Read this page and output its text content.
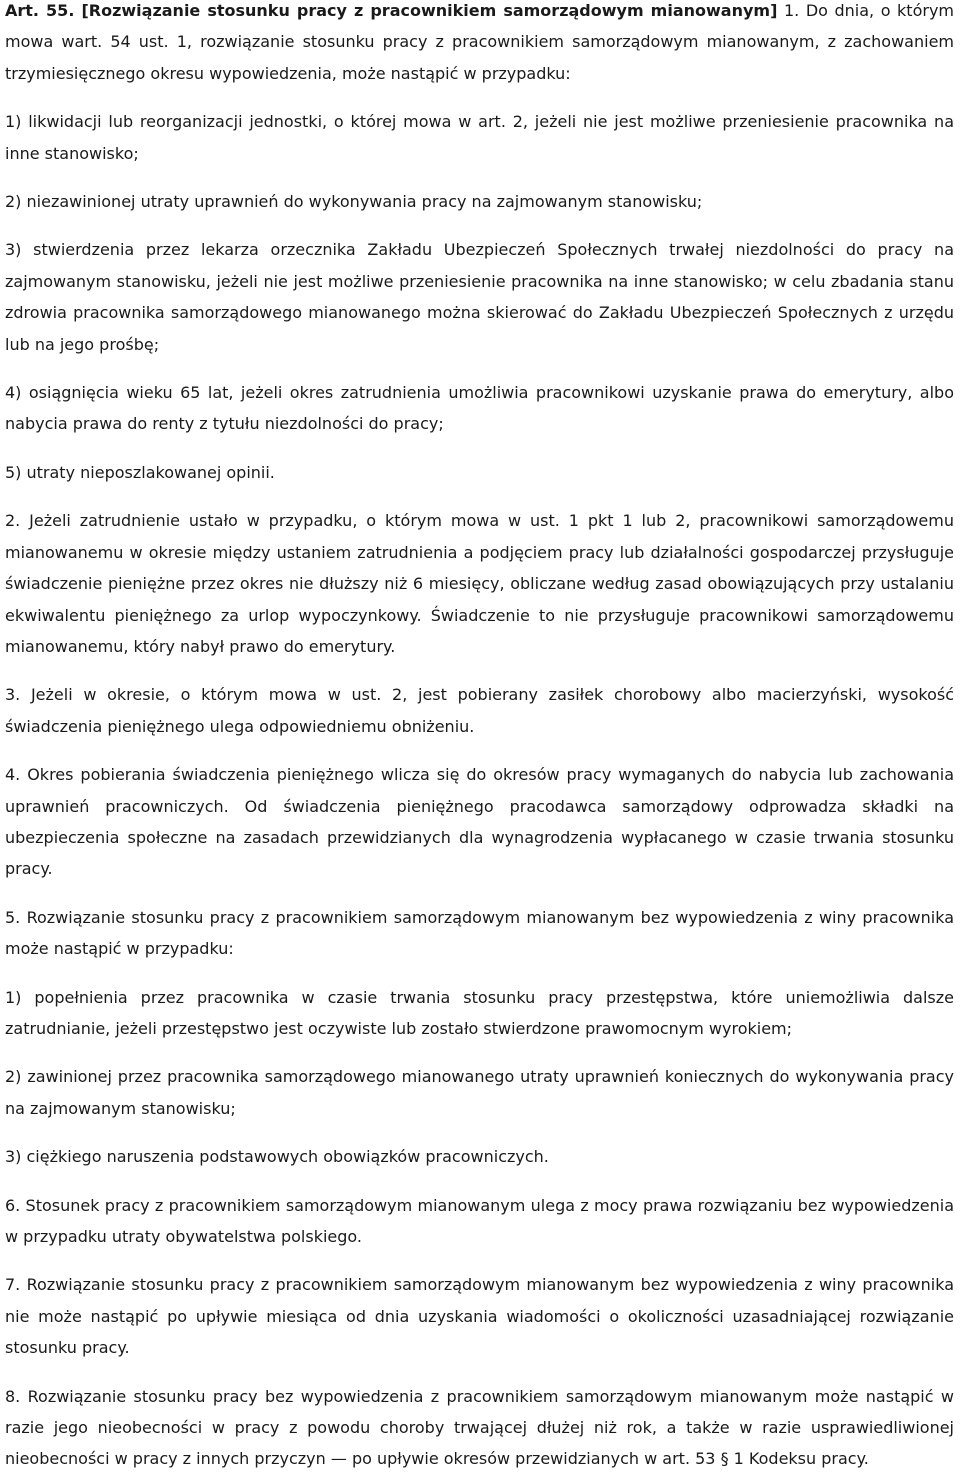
Art. 55. [Rozwiązanie stosunku pracy z pracownikiem samorządowym mianowanym] 1. Do dnia, o którym mowa wart. 54 ust. 1, rozwiązanie stosunku pracy z pracownikiem samorządowym mianowanym, z zachowaniem trzymiesięcznego okresu wypowiedzenia, może nastąpić w przypadku:

1) likwidacji lub reorganizacji jednostki, o której mowa w art. 2, jeżeli nie jest możliwe przeniesienie pracownika na inne stanowisko;

2) niezawinionej utraty uprawnień do wykonywania pracy na zajmowanym stanowisku;

3) stwierdzenia przez lekarza orzecznika Zakładu Ubezpieczeń Społecznych trwałej niezdolności do pracy na zajmowanym stanowisku, jeżeli nie jest możliwe przeniesienie pracownika na inne stanowisko; w celu zbadania stanu zdrowia pracownika samorządowego mianowanego można skierować do Zakładu Ubezpieczeń Społecznych z urzędu lub na jego prośbę;

4) osiągnięcia wieku 65 lat, jeżeli okres zatrudnienia umożliwia pracownikowi uzyskanie prawa do emerytury, albo nabycia prawa do renty z tytułu niezdolności do pracy;

5) utraty nieposzlakowanej opinii.

2. Jeżeli zatrudnienie ustało w przypadku, o którym mowa w ust. 1 pkt 1 lub 2, pracownikowi samorządowemu mianowanemu w okresie między ustaniem zatrudnienia a podjęciem pracy lub działalności gospodarczej przysługuje świadczenie pieniężne przez okres nie dłuższy niż 6 miesięcy, obliczane według zasad obowiązujących przy ustalaniu ekwiwalentu pieniężnego za urlop wypoczynkowy. Świadczenie to nie przysługuje pracownikowi samorządowemu mianowanemu, który nabył prawo do emerytury.

3. Jeżeli w okresie, o którym mowa w ust. 2, jest pobierany zasiłek chorobowy albo macierzyński, wysokość świadczenia pieniężnego ulega odpowiedniemu obniżeniu.

4. Okres pobierania świadczenia pieniężnego wlicza się do okresów pracy wymaganych do nabycia lub zachowania uprawnień pracowniczych. Od świadczenia pieniężnego pracodawca samorządowy odprowadza składki na ubezpieczenia społeczne na zasadach przewidzianych dla wynagrodzenia wypłacanego w czasie trwania stosunku pracy.

5. Rozwiązanie stosunku pracy z pracownikiem samorządowym mianowanym bez wypowiedzenia z winy pracownika może nastąpić w przypadku:

1) popełnienia przez pracownika w czasie trwania stosunku pracy przestępstwa, które uniemożliwia dalsze zatrudnianie, jeżeli przestępstwo jest oczywiste lub zostało stwierdzone prawomocnym wyrokiem;

2) zawinionej przez pracownika samorządowego mianowanego utraty uprawnień koniecznych do wykonywania pracy na zajmowanym stanowisku;

3) ciężkiego naruszenia podstawowych obowiązków pracowniczych.

6. Stosunek pracy z pracownikiem samorządowym mianowanym ulega z mocy prawa rozwiązaniu bez wypowiedzenia w przypadku utraty obywatelstwa polskiego.

7. Rozwiązanie stosunku pracy z pracownikiem samorządowym mianowanym bez wypowiedzenia z winy pracownika nie może nastąpić po upływie miesiąca od dnia uzyskania wiadomości o okoliczności uzasadniającej rozwiązanie stosunku pracy.

8. Rozwiązanie stosunku pracy bez wypowiedzenia z pracownikiem samorządowym mianowanym może nastąpić w razie jego nieobecności w pracy z powodu choroby trwającej dłużej niż rok, a także w razie usprawiedliwionej nieobecności w pracy z innych przyczyn — po upływie okresów przewidzianych w art. 53 § 1 Kodeksu pracy.
